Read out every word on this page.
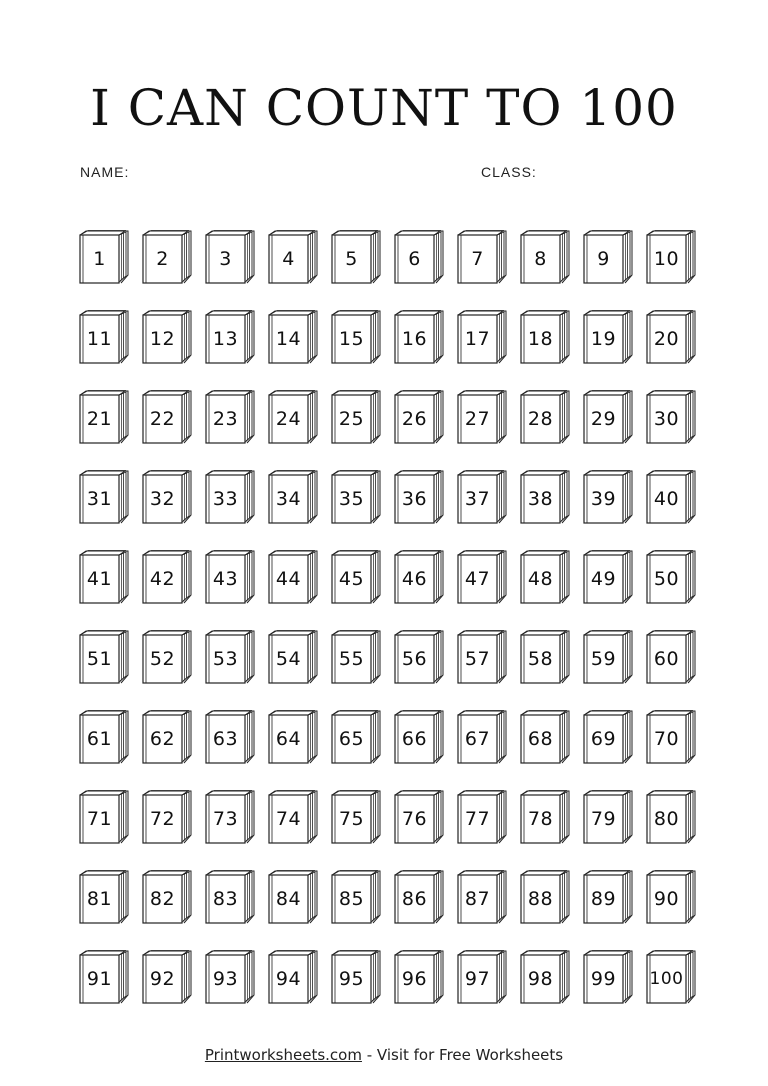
I CAN COUNT TO 100
NAME:	CLASS:
1	2	3	4	5	6	7	8	9	10
11	12	13	14	15	16	17	18	19	20
21	22	23	24	25	26	27	28	29	30
31	32	33	34	35	36	37	38	39	40
41	42	43	44	45	46	47	48	49	50
51	52	53	54	55	56	57	58	59	60
61	62	63	64	65	66	67	68	69	70
71	72	73	74	75	76	77	78	79	80
81	82	83	84	85	86	87	88	89	90
91	92	93	94	95	96	97	98	99	100
Printworksheets.com - Visit for Free Worksheets
